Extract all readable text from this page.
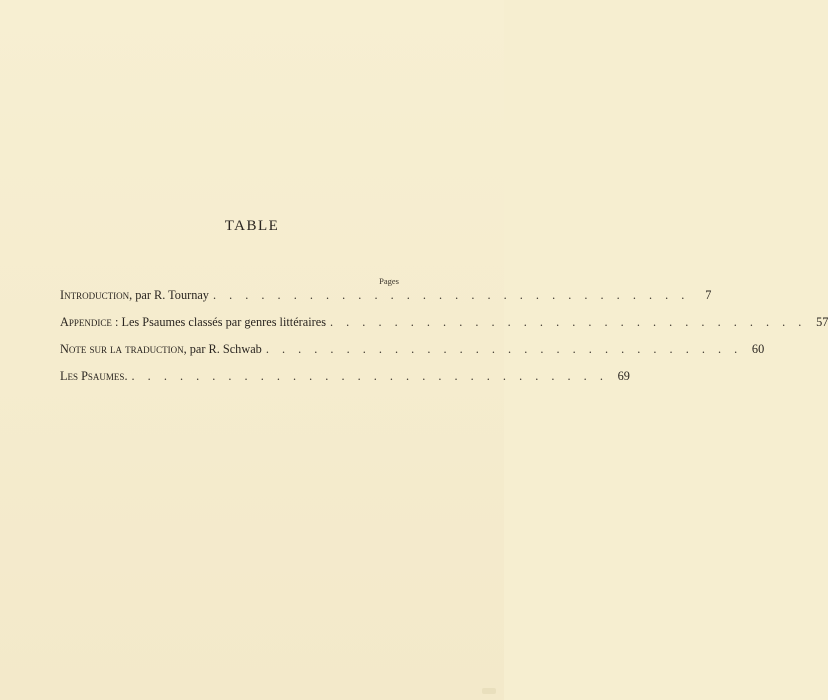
TABLE
Pages
Introduction, par R. Tournay . . . . . . . . . . . . . . . . . . . . . . . . . . . . . .	7
Appendice : Les Psaumes classés par genres littéraires . . . . . . . . . . . . . . . . . . . . . . . . . . . . . . 57
Note sur la traduction, par R. Schwab . . . . . . . . . . . . . . . . . . . . . . . . . . . . . . 60
Les Psaumes. . . . . . . . . . . . . . . . . . . . . . . . . . . . . . . 69
